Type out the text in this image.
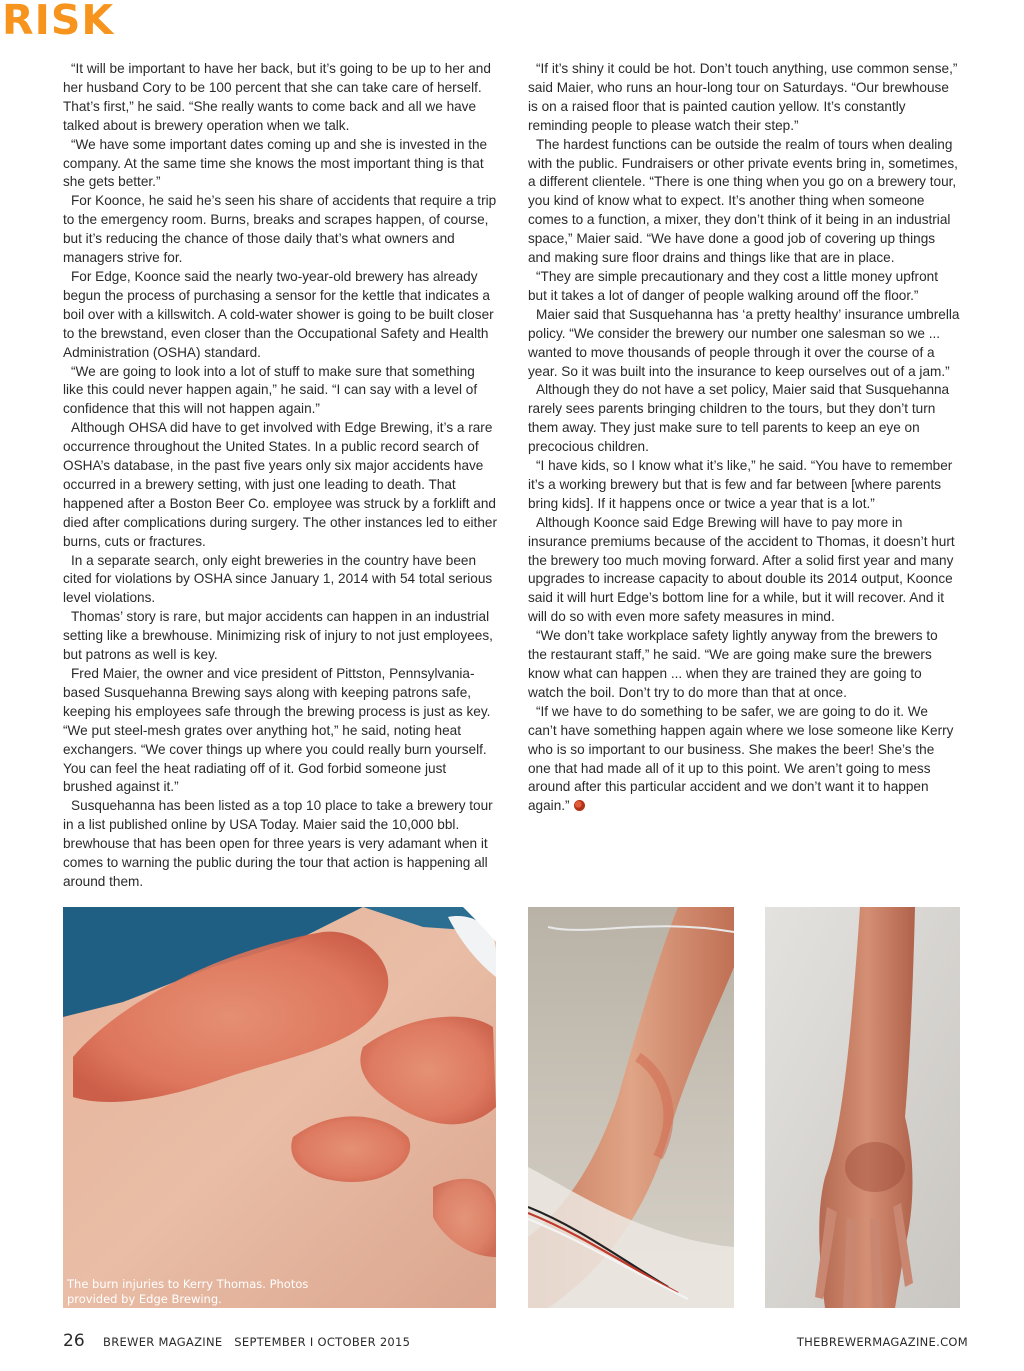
RISK

“It will be important to have her back, but it’s going to be up to her and her husband Cory to be 100 percent that she can take care of herself. That’s first,” he said. “She really wants to come back and all we have talked about is brewery operation when we talk.

“We have some important dates coming up and she is invested in the company. At the same time she knows the most important thing is that she gets better.”

For Koonce, he said he’s seen his share of accidents that require a trip to the emergency room. Burns, breaks and scrapes happen, of course, but it’s reducing the chance of those daily that’s what owners and managers strive for.

For Edge, Koonce said the nearly two-year-old brewery has already begun the process of purchasing a sensor for the kettle that indicates a boil over with a killswitch. A cold-water shower is going to be built closer to the brewstand, even closer than the Occupational Safety and Health Administration (OSHA) standard.

“We are going to look into a lot of stuff to make sure that something like this could never happen again,” he said. “I can say with a level of confidence that this will not happen again.”

Although OHSA did have to get involved with Edge Brewing, it’s a rare occurrence throughout the United States. In a public record search of OSHA’s database, in the past five years only six major accidents have occurred in a brewery setting, with just one leading to death. That happened after a Boston Beer Co. employee was struck by a forklift and died after complications during surgery. The other instances led to either burns, cuts or fractures.

In a separate search, only eight breweries in the country have been cited for violations by OSHA since January 1, 2014 with 54 total serious level violations.

Thomas’ story is rare, but major accidents can happen in an industrial setting like a brewhouse. Minimizing risk of injury to not just employees, but patrons as well is key.

Fred Maier, the owner and vice president of Pittston, Pennsylvania-based Susquehanna Brewing says along with keeping patrons safe, keeping his employees safe through the brewing process is just as key. “We put steel-mesh grates over anything hot,” he said, noting heat exchangers. “We cover things up where you could really burn yourself. You can feel the heat radiating off of it. God forbid someone just brushed against it.”

Susquehanna has been listed as a top 10 place to take a brewery tour in a list published online by USA Today. Maier said the 10,000 bbl. brewhouse that has been open for three years is very adamant when it comes to warning the public during the tour that action is happening all around them.

“If it’s shiny it could be hot. Don’t touch anything, use common sense,” said Maier, who runs an hour-long tour on Saturdays. “Our brewhouse is on a raised floor that is painted caution yellow. It’s constantly reminding people to please watch their step.”

The hardest functions can be outside the realm of tours when dealing with the public. Fundraisers or other private events bring in, sometimes, a different clientele. “There is one thing when you go on a brewery tour, you kind of know what to expect. It’s another thing when someone comes to a function, a mixer, they don’t think of it being in an industrial space,” Maier said. “We have done a good job of covering up things and making sure floor drains and things like that are in place.

“They are simple precautionary and they cost a little money upfront but it takes a lot of danger of people walking around off the floor.”

Maier said that Susquehanna has ‘a pretty healthy’ insurance umbrella policy. “We consider the brewery our number one salesman so we ... wanted to move thousands of people through it over the course of a year. So it was built into the insurance to keep ourselves out of a jam.”

Although they do not have a set policy, Maier said that Susquehanna rarely sees parents bringing children to the tours, but they don’t turn them away. They just make sure to tell parents to keep an eye on precocious children.

“I have kids, so I know what it’s like,” he said. “You have to remember it’s a working brewery but that is few and far between [where parents bring kids]. If it happens once or twice a year that is a lot.”

Although Koonce said Edge Brewing will have to pay more in insurance premiums because of the accident to Thomas, it doesn’t hurt the brewery too much moving forward. After a solid first year and many upgrades to increase capacity to about double its 2014 output, Koonce said it will hurt Edge’s bottom line for a while, but it will recover. And it will do so with even more safety measures in mind.

“We don’t take workplace safety lightly anyway from the brewers to the restaurant staff,” he said. “We are going make sure the brewers know what can happen ... when they are trained they are going to watch the boil. Don’t try to do more than that at once.

“If we have to do something to be safer, we are going to do it. We can’t have something happen again where we lose someone like Kerry who is so important to our business. She makes the beer! She’s the one that had made all of it up to this point. We aren’t going to mess around after this particular accident and we don’t want it to happen again.”

The burn injuries to Kerry Thomas. Photos provided by Edge Brewing.
26 BREWER MAGAZINE   SEPTEMBER I OCTOBER 2015	THEBREWERMAGAZINE.COM
